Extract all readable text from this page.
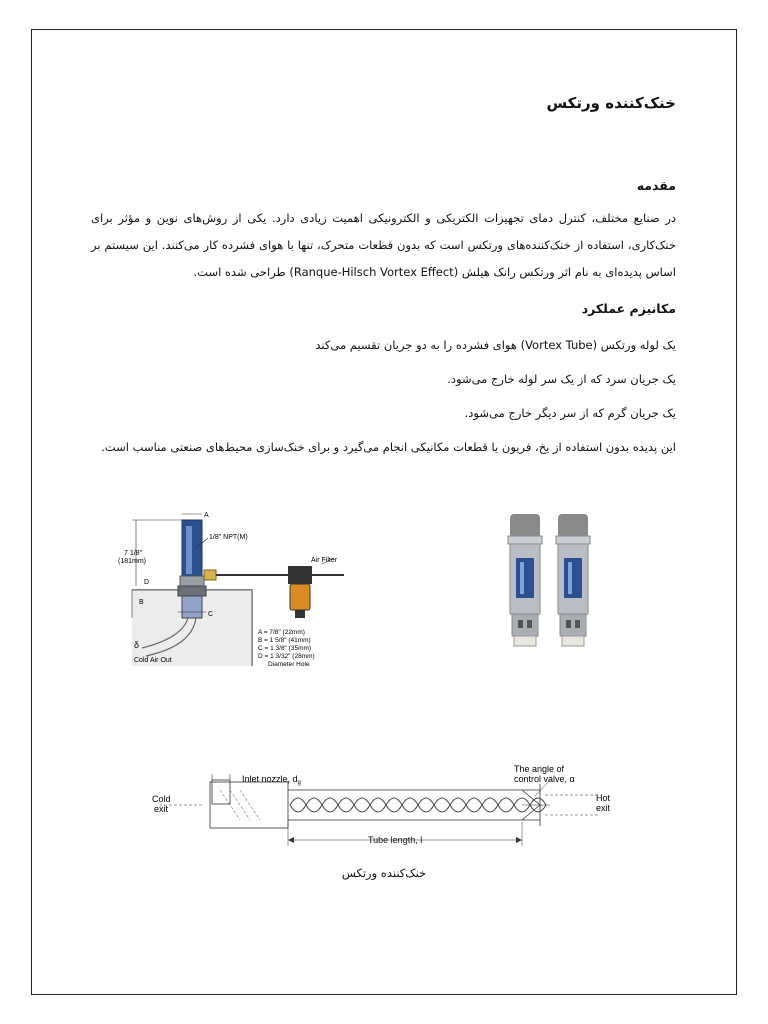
خنک‌کننده ورتکس
مقدمه
در صنایع مختلف، کنترل دمای تجهیزات الکتریکی و الکترونیکی اهمیت زیادی دارد. یکی از روش‌های نوین و مؤثر برای خنک‌کاری، استفاده از خنک‌کننده‌های ورتکس است که بدون قطعات متحرک، تنها با هوای فشرده کار می‌کنند. این سیستم بر اساس پدیده‌ای به نام اثر ورتکس رانک هیلش (Ranque-Hilsch Vortex Effect) طراحی شده است.
مکانیزم عملکرد
یک لوله ورتکس (Vortex Tube) هوای فشرده را به دو جریان تقسیم می‌کند
یک جریان سرد که از یک سر لوله خارج می‌شود.
یک جریان گرم که از سر دیگر خارج می‌شود.
این پدیده بدون استفاده از یخ، فریون یا قطعات مکانیکی انجام می‌گیرد و برای خنک‌سازی محیط‌های صنعتی مناسب است.
A
1/8" NPT(M)
7 1/8"
(181mm)
D
B
C
Air Filter
Cold Air Out
δ
A = 7/8" (22mm)
B = 1 5/8" (41mm)
C = 1 3/8" (35mm)
D = 1 3/32" (28mm)
Diameter Hole
Inlet nozzle, $d_g$
The angle of
control valve, α
Cold
exit
Hot
exit
Tube length, l
خنک‌کننده ورتکس
